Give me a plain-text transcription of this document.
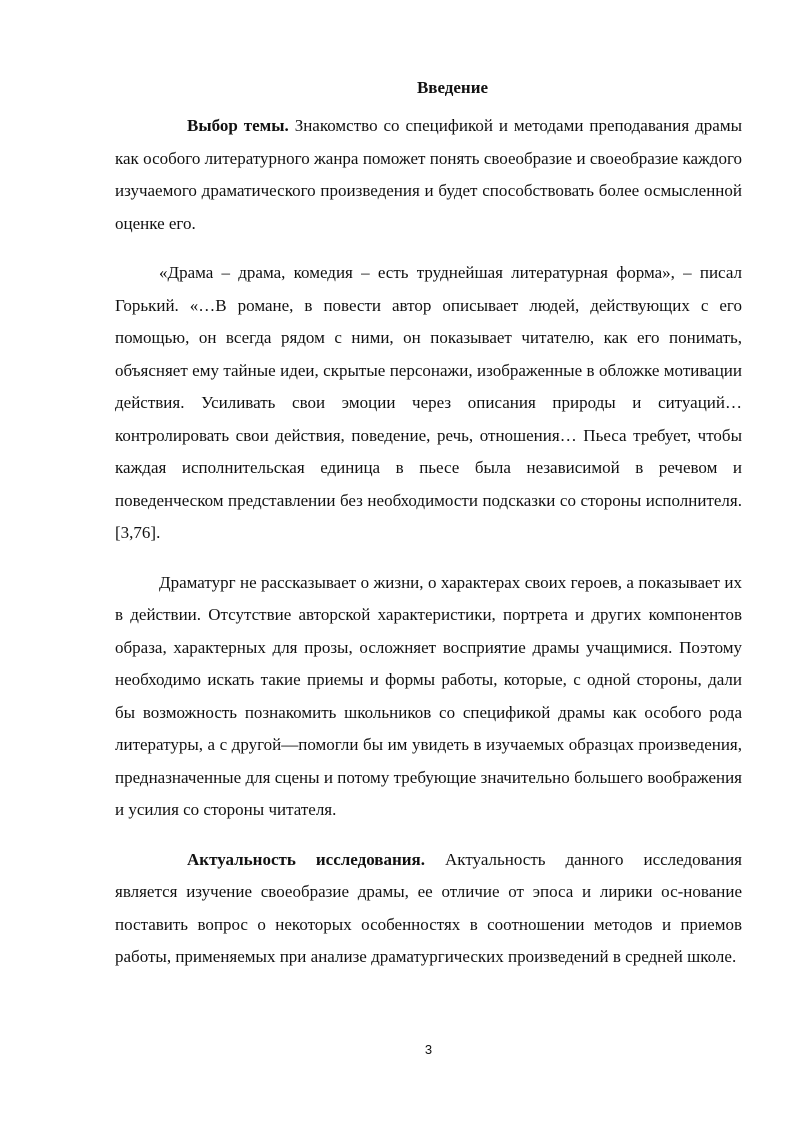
Введение

Выбор темы. Знакомство со спецификой и методами преподавания драмы как особого литературного жанра поможет понять своеобразие и своеобразие каждого изучаемого драматического произведения и будет способствовать более осмысленной оценке его.

«Драма – драма, комедия – есть труднейшая литературная форма», – писал Горький. «…В романе, в повести автор описывает людей, действующих с его помощью, он всегда рядом с ними, он показывает читателю, как его понимать, объясняет ему тайные идеи, скрытые персонажи, изображенные в обложке мотивации действия. Усиливать свои эмоции через описания природы и ситуаций… контролировать свои действия, поведение, речь, отношения… Пьеса требует, чтобы каждая исполнительская единица в пьесе была независимой в речевом и поведенческом представлении без необходимости подсказки со стороны исполнителя.[3,76].

Драматург не рассказывает о жизни, о характерах своих героев, а показывает их в действии. Отсутствие авторской характеристики, портрета и других компонентов образа, характерных для прозы, осложняет восприятие драмы учащимися. Поэтому необходимо искать такие приемы и формы работы, которые, с одной стороны, дали бы возможность познакомить школьников со спецификой драмы как особого рода литературы, а с другой—помогли бы им увидеть в изучаемых образцах произведения, предназначенные для сцены и потому требующие значительно большего воображения и усилия со стороны читателя.

Актуальность исследования. Актуальность данного исследования является изучение своеобразие драмы, ее отличие от эпоса и лирики ос-нование поставить вопрос о некоторых особенностях в соотношении методов и приемов работы, применяемых при анализе драматургических произведений в средней школе.

3
